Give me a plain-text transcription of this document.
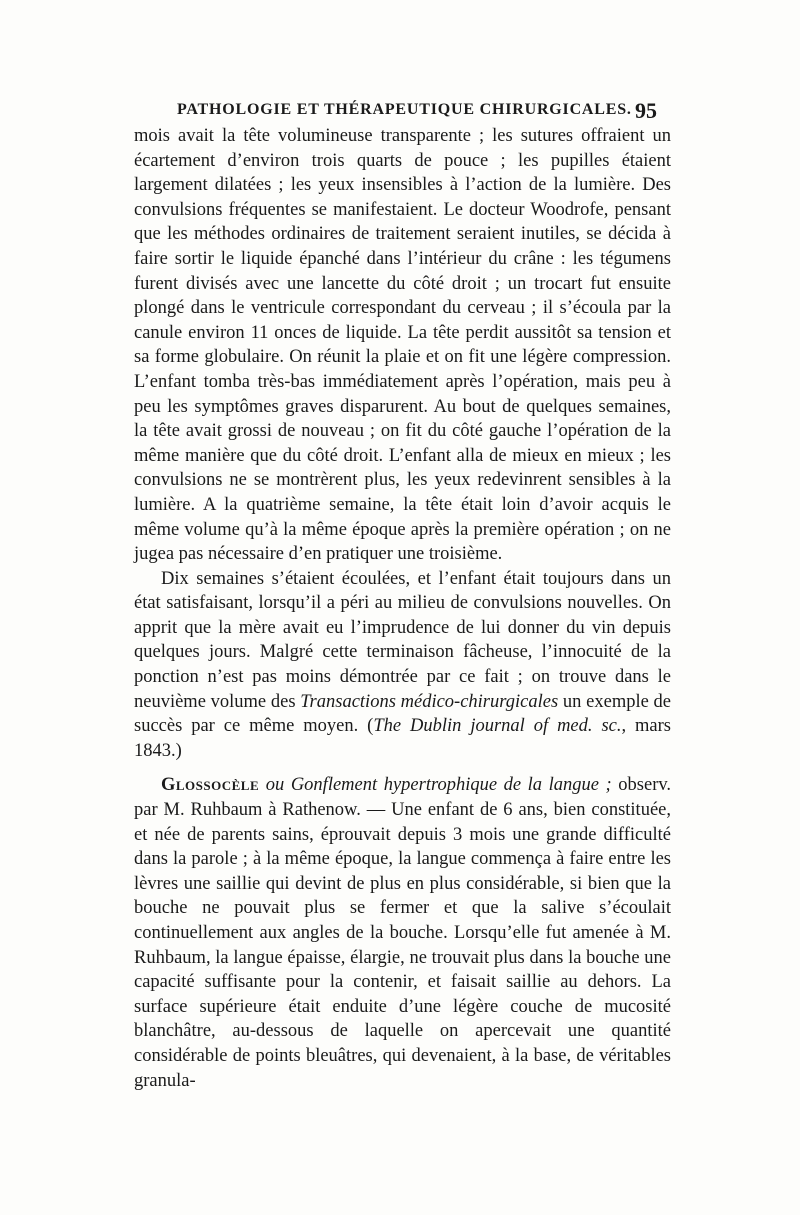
PATHOLOGIE ET THÉRAPEUTIQUE CHIRURGICALES. 95

mois avait la tête volumineuse transparente ; les sutures offraient un écartement d’environ trois quarts de pouce ; les pupilles étaient largement dilatées ; les yeux insensibles à l’action de la lumière. Des convulsions fréquentes se manifestaient. Le docteur Woodrofe, pensant que les méthodes ordinaires de traitement seraient inutiles, se décida à faire sortir le liquide épanché dans l’intérieur du crâne : les tégumens furent divisés avec une lancette du côté droit ; un trocart fut ensuite plongé dans le ventricule correspondant du cerveau ; il s’écoula par la canule environ 11 onces de liquide. La tête perdit aussitôt sa tension et sa forme globulaire. On réunit la plaie et on fit une légère compression. L’enfant tomba très-bas immédiatement après l’opération, mais peu à peu les symptômes graves disparurent. Au bout de quelques semaines, la tête avait grossi de nouveau ; on fit du côté gauche l’opération de la même manière que du côté droit. L’enfant alla de mieux en mieux ; les convulsions ne se montrèrent plus, les yeux redevinrent sensibles à la lumière. A la quatrième semaine, la tête était loin d’avoir acquis le même volume qu’à la même époque après la première opération ; on ne jugea pas nécessaire d’en pratiquer une troisième.

Dix semaines s’étaient écoulées, et l’enfant était toujours dans un état satisfaisant, lorsqu’il a péri au milieu de convulsions nouvelles. On apprit que la mère avait eu l’imprudence de lui donner du vin depuis quelques jours. Malgré cette terminaison fâcheuse, l’innocuité de la ponction n’est pas moins démontrée par ce fait ; on trouve dans le neuvième volume des Transactions médico-chirurgicales un exemple de succès par ce même moyen. (The Dublin journal of med. sc., mars 1843.)

Glossocèle ou Gonflement hypertrophique de la langue ; observ. par M. Ruhbaum à Rathenow. — Une enfant de 6 ans, bien constituée, et née de parents sains, éprouvait depuis 3 mois une grande difficulté dans la parole ; à la même époque, la langue commença à faire entre les lèvres une saillie qui devint de plus en plus considérable, si bien que la bouche ne pouvait plus se fermer et que la salive s’écoulait continuellement aux angles de la bouche. Lorsqu’elle fut amenée à M. Ruhbaum, la langue épaisse, élargie, ne trouvait plus dans la bouche une capacité suffisante pour la contenir, et faisait saillie au dehors. La surface supérieure était enduite d’une légère couche de mucosité blanchâtre, au-dessous de laquelle on apercevait une quantité considérable de points bleuâtres, qui devenaient, à la base, de véritables granula-
